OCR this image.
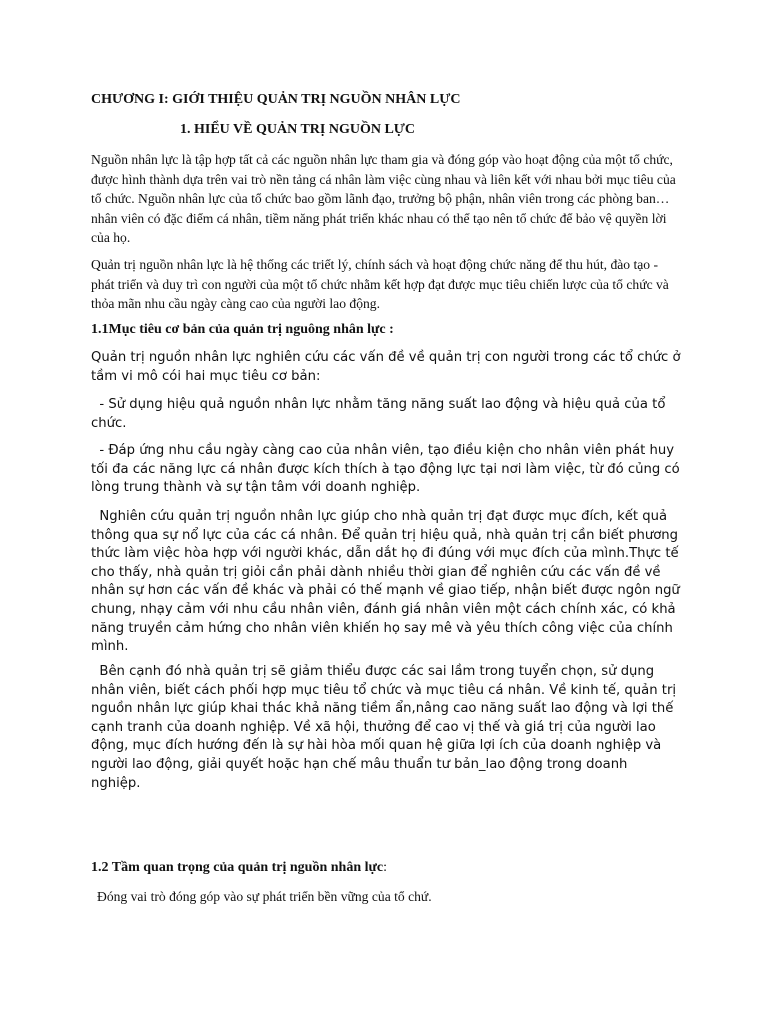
CHƯƠNG I: GIỚI THIỆU QUẢN TRỊ NGUỒN NHÂN LỰC
1. HIỂU VỀ QUẢN TRỊ NGUỒN LỰC

Nguồn nhân lực là tập hợp tất cả các nguồn nhân lực tham gia và đóng góp vào hoạt động của một tổ chức, được hình thành dựa trên vai trò nền tảng cá nhân làm việc cùng nhau và liên kết với nhau bởi mục tiêu của tổ chức. Nguồn nhân lực của tổ chức bao gồm lãnh đạo, trưởng bộ phận, nhân viên trong các phòng ban… nhân viên có đặc điểm cá nhân, tiềm năng phát triển khác nhau có thể tạo nên tổ chức để bảo vệ quyền lời của họ.

Quản trị nguồn nhân lực là hệ thống các triết lý, chính sách và hoạt động chức năng để thu hút, đào tạo - phát triển và duy trì con người của một tổ chức nhằm kết hợp đạt được mục tiêu chiến lược của tổ chức và thỏa mãn nhu cầu ngày càng cao của người lao động.

1.1Mục tiêu cơ bản của quản trị nguông nhân lực :

Quản trị nguồn nhân lực nghiên cứu các vấn đề về quản trị con người trong các tổ chức ở tầm vi mô cói hai mục tiêu cơ bản:

- Sử dụng hiệu quả nguồn nhân lực nhằm tăng năng suất lao động và hiệu quả của tổ chức.

- Đáp ứng nhu cầu ngày càng cao của nhân viên, tạo điều kiện cho nhân viên phát huy tối đa các năng lực cá nhân được kích thích à tạo động lực tại nơi làm việc, từ đó củng có lòng trung thành và sự tận tâm với doanh nghiệp.

Nghiên cứu quản trị nguồn nhân lực giúp cho nhà quản trị đạt được mục đích, kết quả thông qua sự nổ lực của các cá nhân. Để quản trị hiệu quả, nhà quản trị cần biết phương thức làm việc hòa hợp với người khác, dẫn dắt họ đi đúng với mục đích của mình.Thực tế cho thấy, nhà quản trị giỏi cần phải dành nhiều thời gian để nghiên cứu các vấn đề về nhân sự hơn các vấn đề khác và phải có thế mạnh về giao tiếp, nhận biết được ngôn ngữ chung, nhạy cảm với nhu cầu nhân viên, đánh giá nhân viên một cách chính xác, có khả năng truyền cảm hứng cho nhân viên khiến họ say mê và yêu thích công việc của chính mình.

Bên cạnh đó nhà quản trị sẽ giảm thiểu được các sai lầm trong tuyển chọn, sử dụng nhân viên, biết cách phối hợp mục tiêu tổ chức và mục tiêu cá nhân. Về kinh tế, quản trị nguồn nhân lực giúp khai thác khả năng tiềm ẩn,nâng cao năng suất lao động và lợi thế cạnh tranh của doanh nghiệp. Về xã hội, thưởng để cao vị thế và giá trị của người lao động, mục đích hướng đến là sự hài hòa mối quan hệ giữa lợi ích của doanh nghiệp và người lao động, giải quyết hoặc hạn chế mâu thuẩn tư bản_lao động trong doanh nghiệp.

1.2 Tầm quan trọng của quản trị nguồn nhân lực:

Đóng vai trò đóng góp vào sự phát triển bền vững của tổ chứ.
